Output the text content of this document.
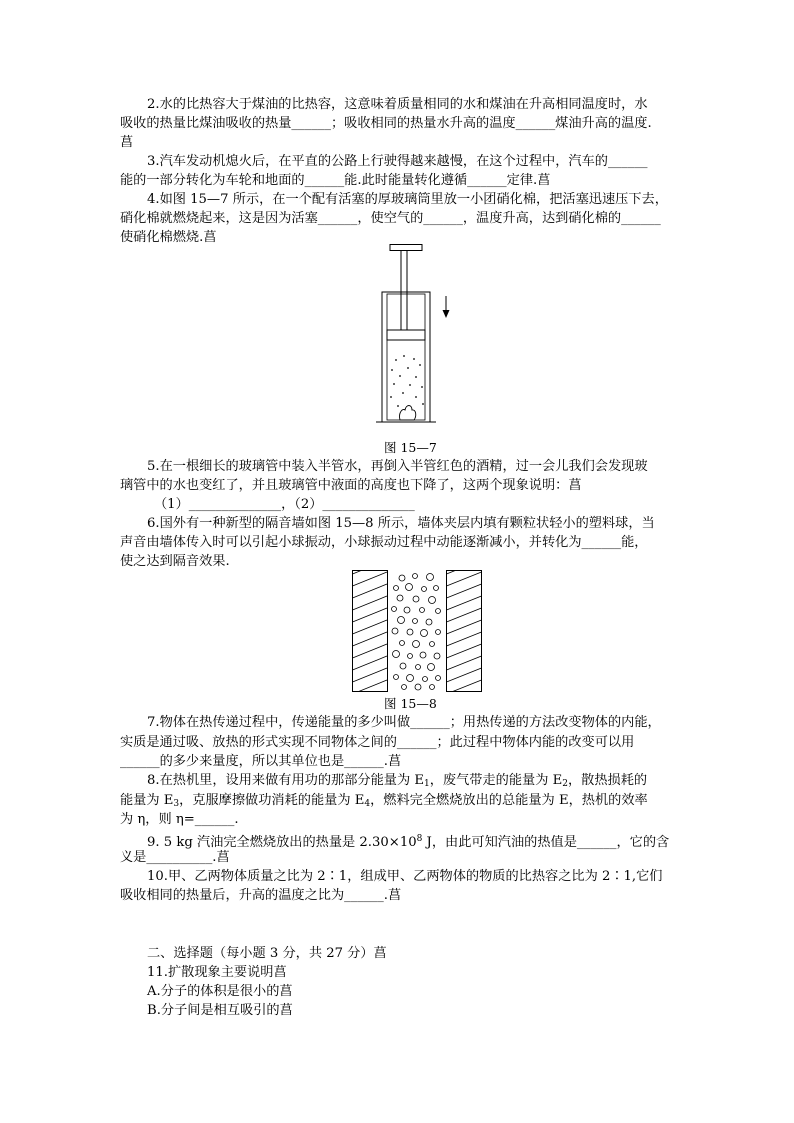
2.水的比热容大于煤油的比热容，这意味着质量相同的水和煤油在升高相同温度时，水
吸收的热量比煤油吸收的热量______；吸收相同的热量水升高的温度______煤油升高的温度.
菖
3.汽车发动机熄火后，在平直的公路上行驶得越来越慢，在这个过程中，汽车的______
能的一部分转化为车轮和地面的______能.此时能量转化遵循______定律.菖
4.如图 15—7 所示，在一个配有活塞的厚玻璃筒里放一小团硝化棉，把活塞迅速压下去，
硝化棉就燃烧起来，这是因为活塞______，使空气的______，温度升高，达到硝化棉的______
使硝化棉燃烧.菖
图 15—7
5.在一根细长的玻璃管中装入半管水，再倒入半管红色的酒精，过一会儿我们会发现玻
璃管中的水也变红了，并且玻璃管中液面的高度也下降了，这两个现象说明：菖
（1）______________，（2）______________
6.国外有一种新型的隔音墙如图 15—8 所示，墙体夹层内填有颗粒状轻小的塑料球，当
声音由墙体传入时可以引起小球振动，小球振动过程中动能逐渐减小，并转化为______能，
使之达到隔音效果.
图 15—8
7.物体在热传递过程中，传递能量的多少叫做______；用热传递的方法改变物体的内能，
实质是通过吸、放热的形式实现不同物体之间的______；此过程中物体内能的改变可以用
______的多少来量度，所以其单位也是______.菖
8.在热机里，设用来做有用功的那部分能量为 $E_1$，废气带走的能量为 $E_2$，散热损耗的
能量为 $E_3$，克服摩擦做功消耗的能量为 $E_4$，燃料完全燃烧放出的总能量为 E，热机的效率
为 η，则 η=______.
9. 5 kg 汽油完全燃烧放出的热量是 $2.30\times 10^8$ J，由此可知汽油的热值是______，它的含
义是__________.菖
10.甲、乙两物体质量之比为 2∶1，组成甲、乙两物体的物质的比热容之比为 2∶1,它们
吸收相同的热量后，升高的温度之比为______.菖
二、选择题（每小题 3 分，共 27 分）菖
11.扩散现象主要说明菖
A.分子的体积是很小的菖
B.分子间是相互吸引的菖
